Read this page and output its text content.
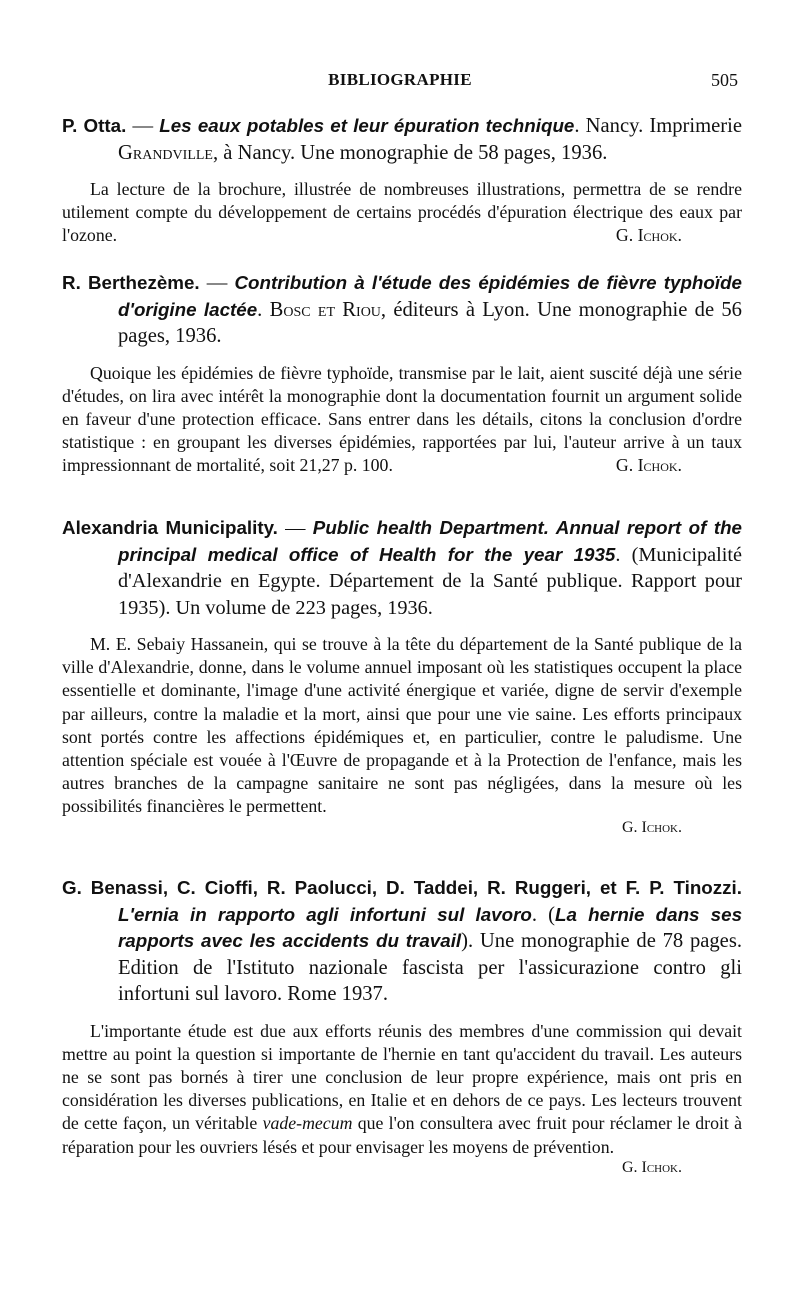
BIBLIOGRAPHIE	505

P. Otta. — Les eaux potables et leur épuration technique. Nancy. Imprimerie Grandville, à Nancy. Une monographie de 58 pages, 1936.

La lecture de la brochure, illustrée de nombreuses illustrations, permettra de se rendre utilement compte du développement de certains procédés d'épuration électrique des eaux par l'ozone.	G. Ichok.

R. Berthezème. — Contribution à l'étude des épidémies de fièvre typhoïde d'origine lactée. Bosc et Riou, éditeurs à Lyon. Une monographie de 56 pages, 1936.

Quoique les épidémies de fièvre typhoïde, transmise par le lait, aient suscité déjà une série d'études, on lira avec intérêt la monographie dont la documentation fournit un argument solide en faveur d'une protection efficace. Sans entrer dans les détails, citons la conclusion d'ordre statistique : en groupant les diverses épidémies, rapportées par lui, l'auteur arrive à un taux impressionnant de mortalité, soit 21,27 p. 100.	G. Ichok.

Alexandria Municipality. — Public health Department. Annual report of the principal medical office of Health for the year 1935. (Municipalité d'Alexandrie en Egypte. Département de la Santé publique. Rapport pour 1935). Un volume de 223 pages, 1936.

M. E. Sebaiy Hassanein, qui se trouve à la tête du département de la Santé publique de la ville d'Alexandrie, donne, dans le volume annuel imposant où les statistiques occupent la place essentielle et dominante, l'image d'une activité énergique et variée, digne de servir d'exemple par ailleurs, contre la maladie et la mort, ainsi que pour une vie saine. Les efforts principaux sont portés contre les affections épidémiques et, en particulier, contre le paludisme. Une attention spéciale est vouée à l'Œuvre de propagande et à la Protection de l'enfance, mais les autres branches de la campagne sanitaire ne sont pas négligées, dans la mesure où les possibilités financières le permettent.

G. Ichok.

G. Benassi, C. Cioffi, R. Paolucci, D. Taddei, R. Ruggeri, et F. P. Tinozzi. L'ernia in rapporto agli infortuni sul lavoro. (La hernie dans ses rapports avec les accidents du travail). Une monographie de 78 pages. Edition de l'Istituto nazionale fascista per l'assicurazione contro gli infortuni sul lavoro. Rome 1937.

L'importante étude est due aux efforts réunis des membres d'une commission qui devait mettre au point la question si importante de l'hernie en tant qu'accident du travail. Les auteurs ne se sont pas bornés à tirer une conclusion de leur propre expérience, mais ont pris en considération les diverses publications, en Italie et en dehors de ce pays. Les lecteurs trouvent de cette façon, un véritable vade-mecum que l'on consultera avec fruit pour réclamer le droit à réparation pour les ouvriers lésés et pour envisager les moyens de prévention.

G. Ichok.
